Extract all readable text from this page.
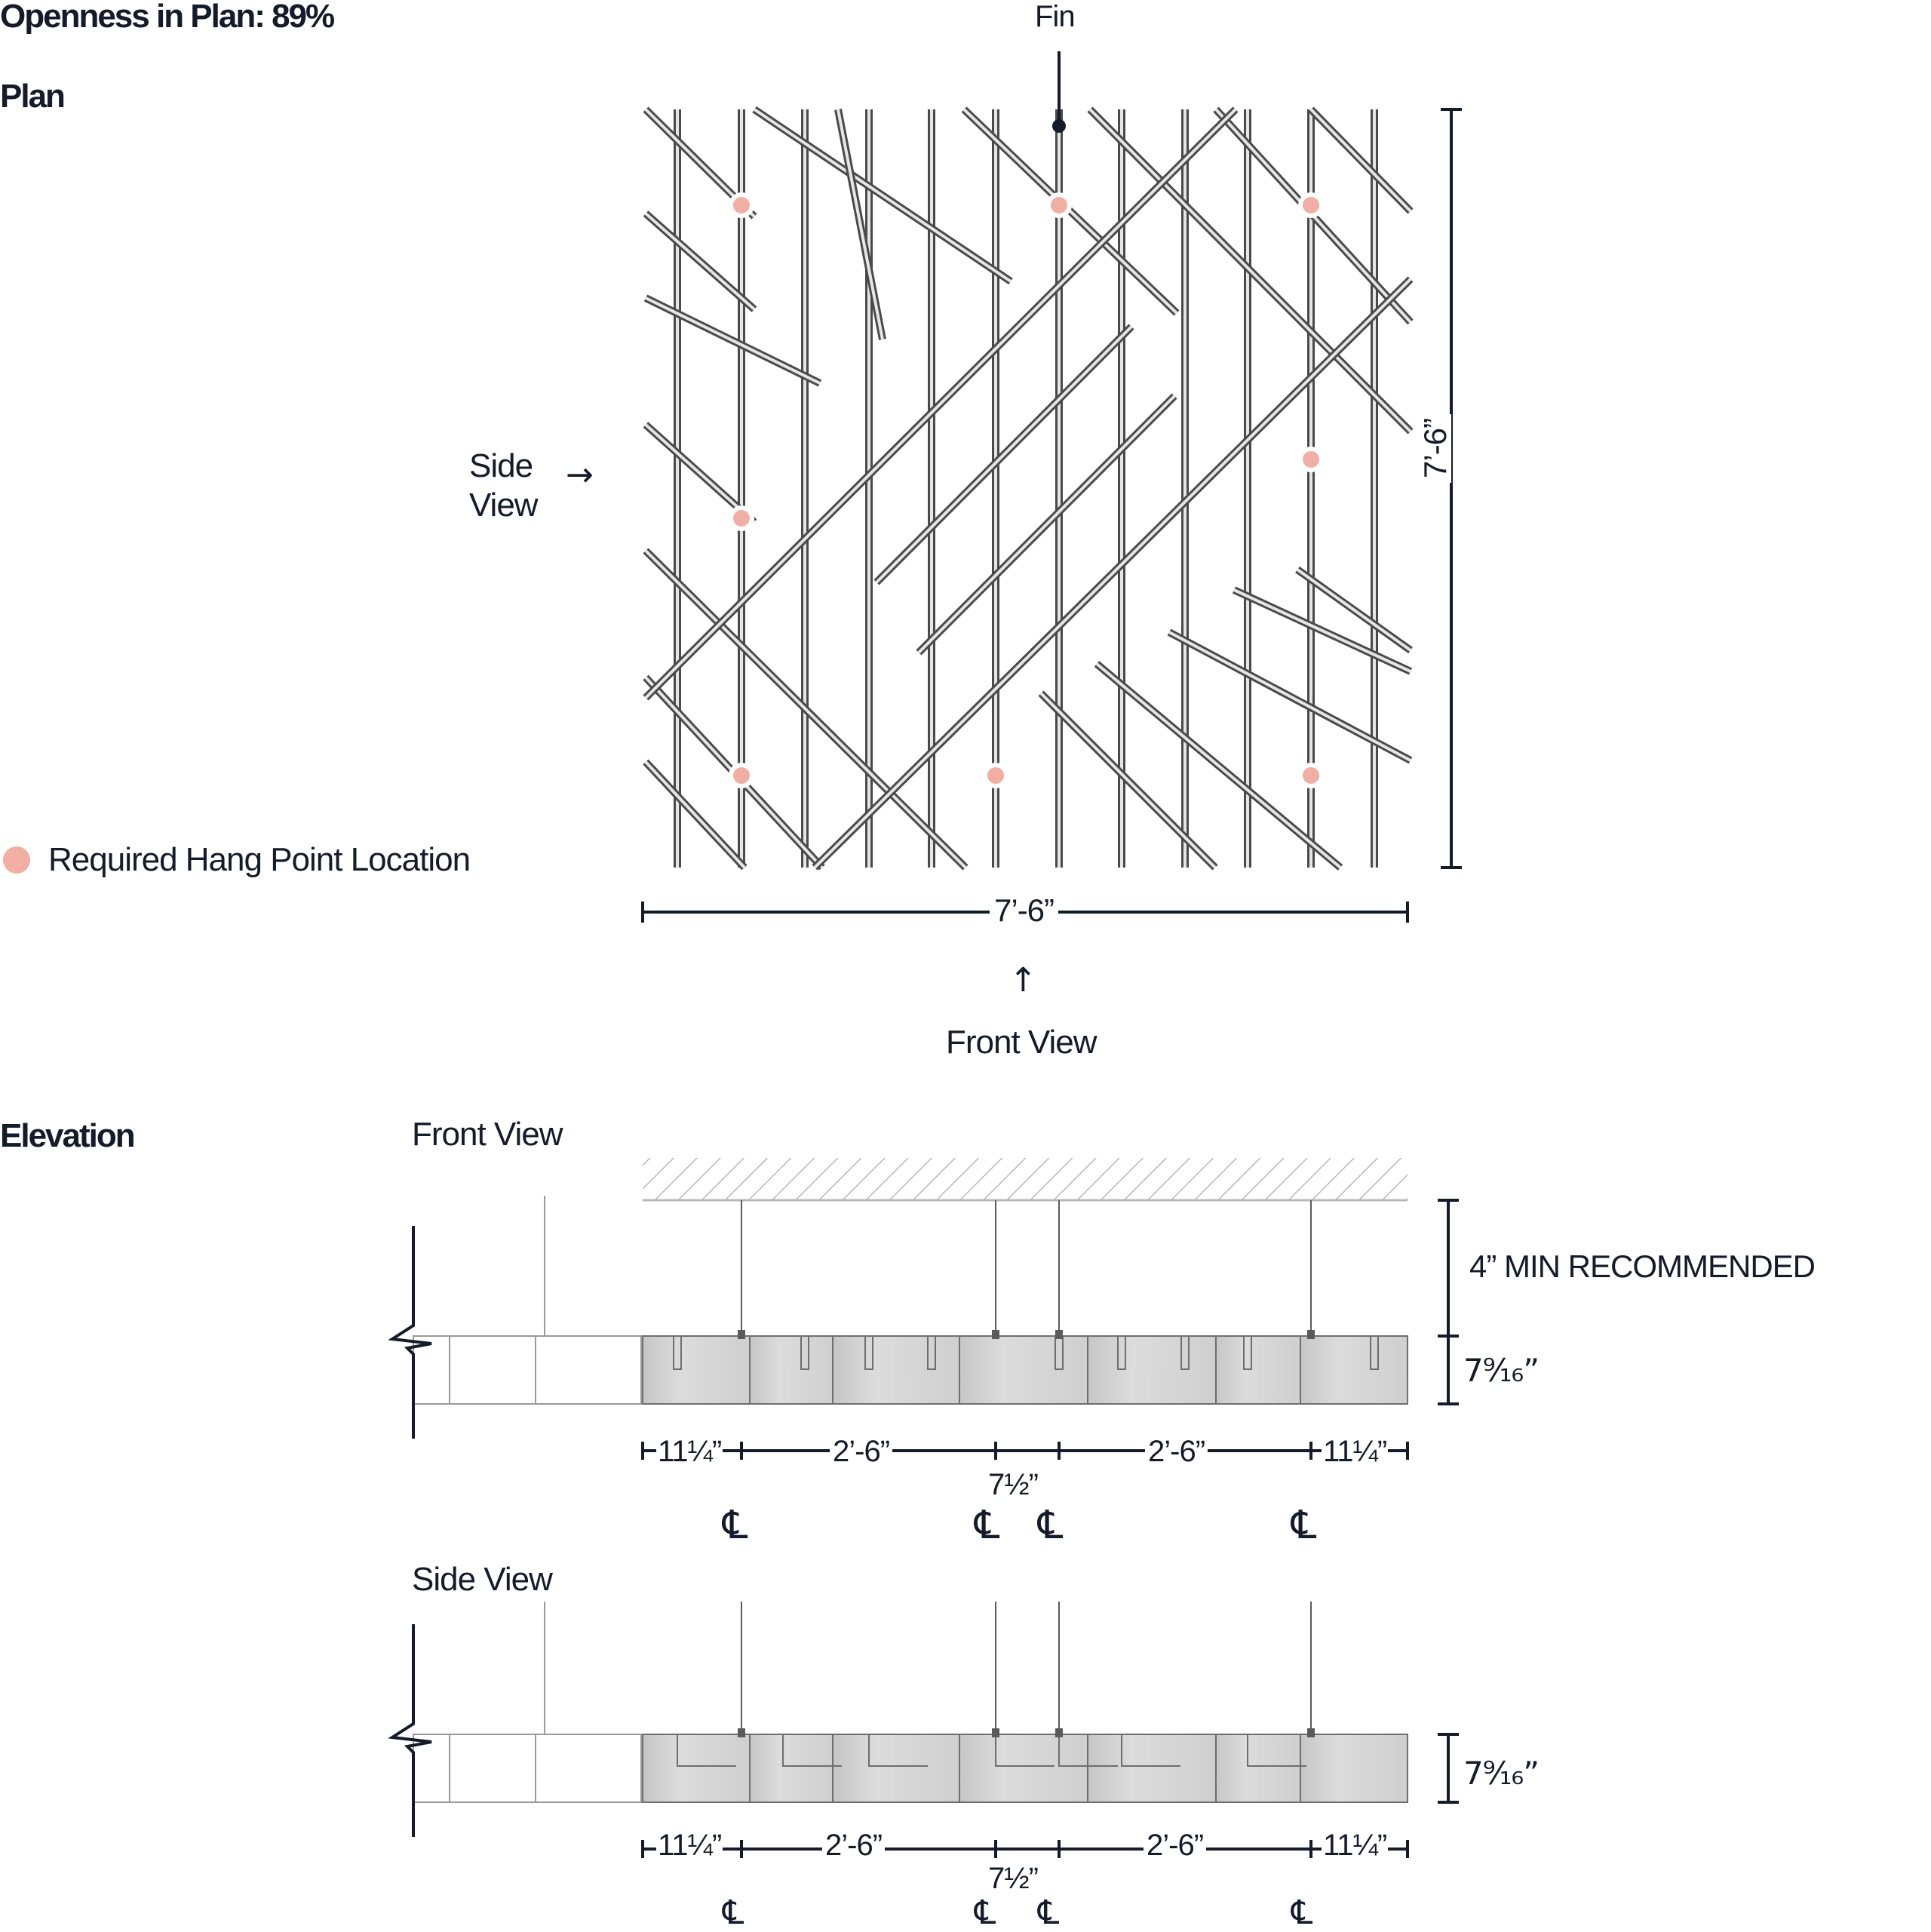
Openness in Plan: 89%
Plan
Elevation
Fin
Side
View
→
↑
Front View
7’-6”
7’-6”
Required Hang Point Location
Front View
4” MIN RECOMMENDED
7⁹⁄₁₆”
11¼”	2’-6”	2’-6”	11¼”
7½”
℄	℄ ℄	℄
Side View
7⁹⁄₁₆”
11¼”	2’-6”	2’-6”	11¼”
7½”
℄	℄ ℄	℄
